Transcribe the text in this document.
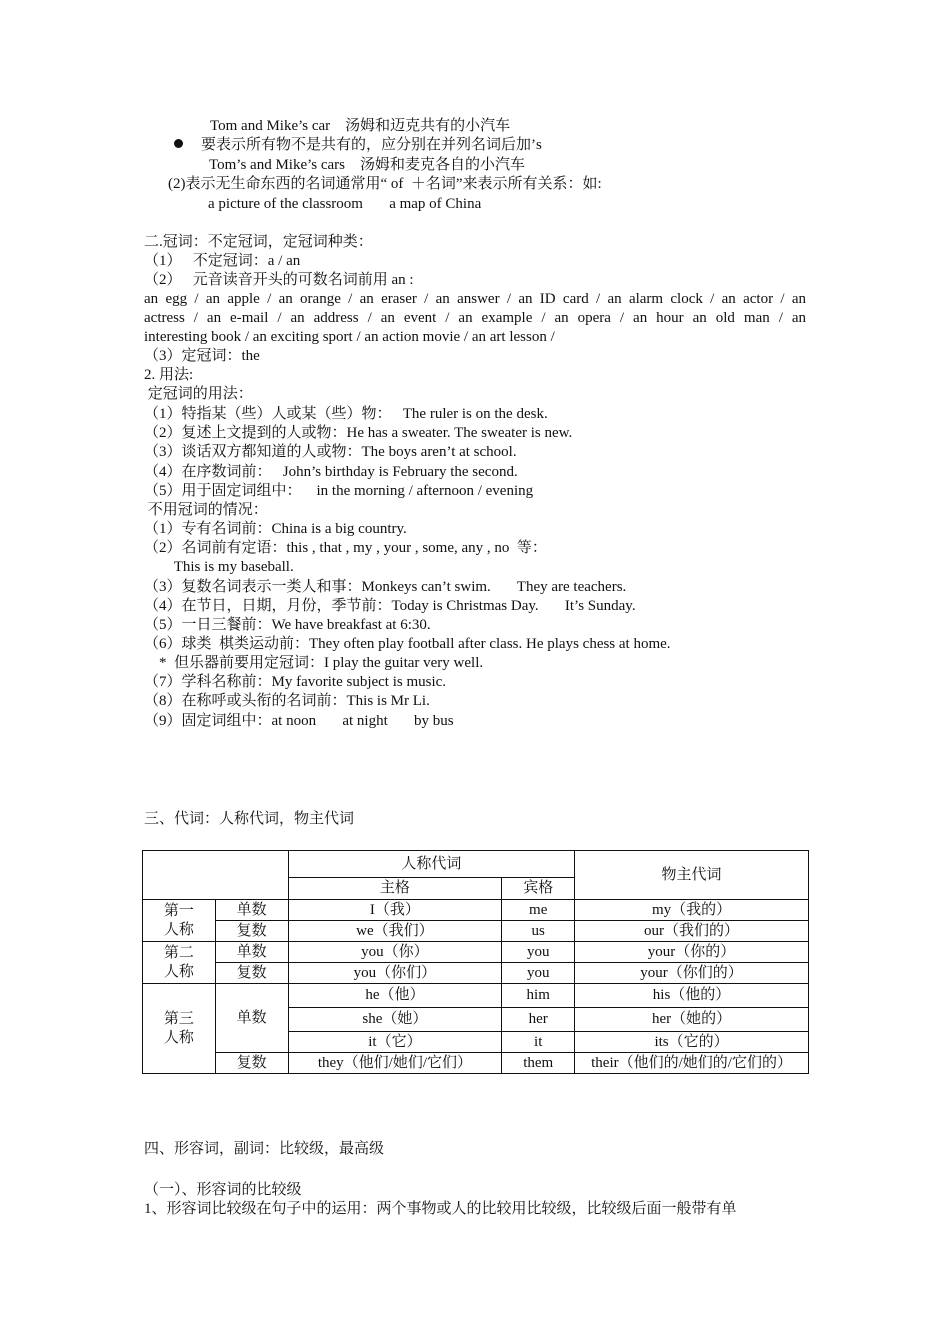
Tom and Mike’s car    汤姆和迈克共有的小汽车
要表示所有物不是共有的，应分别在并列名词后加’s
Tom’s and Mike’s cars    汤姆和麦克各自的小汽车
(2)表示无生命东西的名词通常用“ of  ＋名词”来表示所有关系：如:
a picture of the classroom       a map of China
二.冠词：不定冠词，定冠词种类：
（1）   不定冠词：a / an
（2）   元音读音开头的可数名词前用 an :
an egg / an apple / an orange / an eraser / an answer / an ID card / an alarm clock / an actor / an
actress / an e-mail / an address / an event / an example / an opera / an hour an old man / an
interesting book / an exciting sport / an action movie / an art lesson /
（3）定冠词：the
2. 用法:
定冠词的用法：
（1）特指某（些）人或某（些）物：   The ruler is on the desk.
（2）复述上文提到的人或物：He has a sweater. The sweater is new.
（3）谈话双方都知道的人或物：The boys aren’t at school.
（4）在序数词前：   John’s birthday is February the second.
（5）用于固定词组中：    in the morning / afternoon / evening
不用冠词的情况：
（1）专有名词前：China is a big country.
（2）名词前有定语：this , that , my , your , some, any , no  等：
This is my baseball.
（3）复数名词表示一类人和事：Monkeys can’t swim.       They are teachers.
（4）在节日，日期，月份，季节前：Today is Christmas Day.       It’s Sunday.
（5）一日三餐前：We have breakfast at 6:30.
（6）球类  棋类运动前：They often play football after class. He plays chess at home.
*  但乐器前要用定冠词：I play the guitar very well.
（7）学科名称前：My favorite subject is music.
（8）在称呼或头衔的名词前：This is Mr Li.
（9）固定词组中：at noon       at night       by bus
三、代词：人称代词，物主代词
		人称代词		物主代词
		主格	宾格	
第一
人称	单数	I（我）	me	my（我的）
	复数	we（我们）	us	our（我们的）
第二
人称	单数	you（你）	you	your（你的）
	复数	you（你们）	you	your（你们的）
第三
人称	单数	he（他）	him	his（他的）
		she（她）	her	her（她的）
		it（它）	it	its（它的）
	复数	they（他们/她们/它们）	them	their（他们的/她们的/它们的）
四、形容词，副词：比较级，最高级
（一）、形容词的比较级
1、形容词比较级在句子中的运用：两个事物或人的比较用比较级，比较级后面一般带有单
